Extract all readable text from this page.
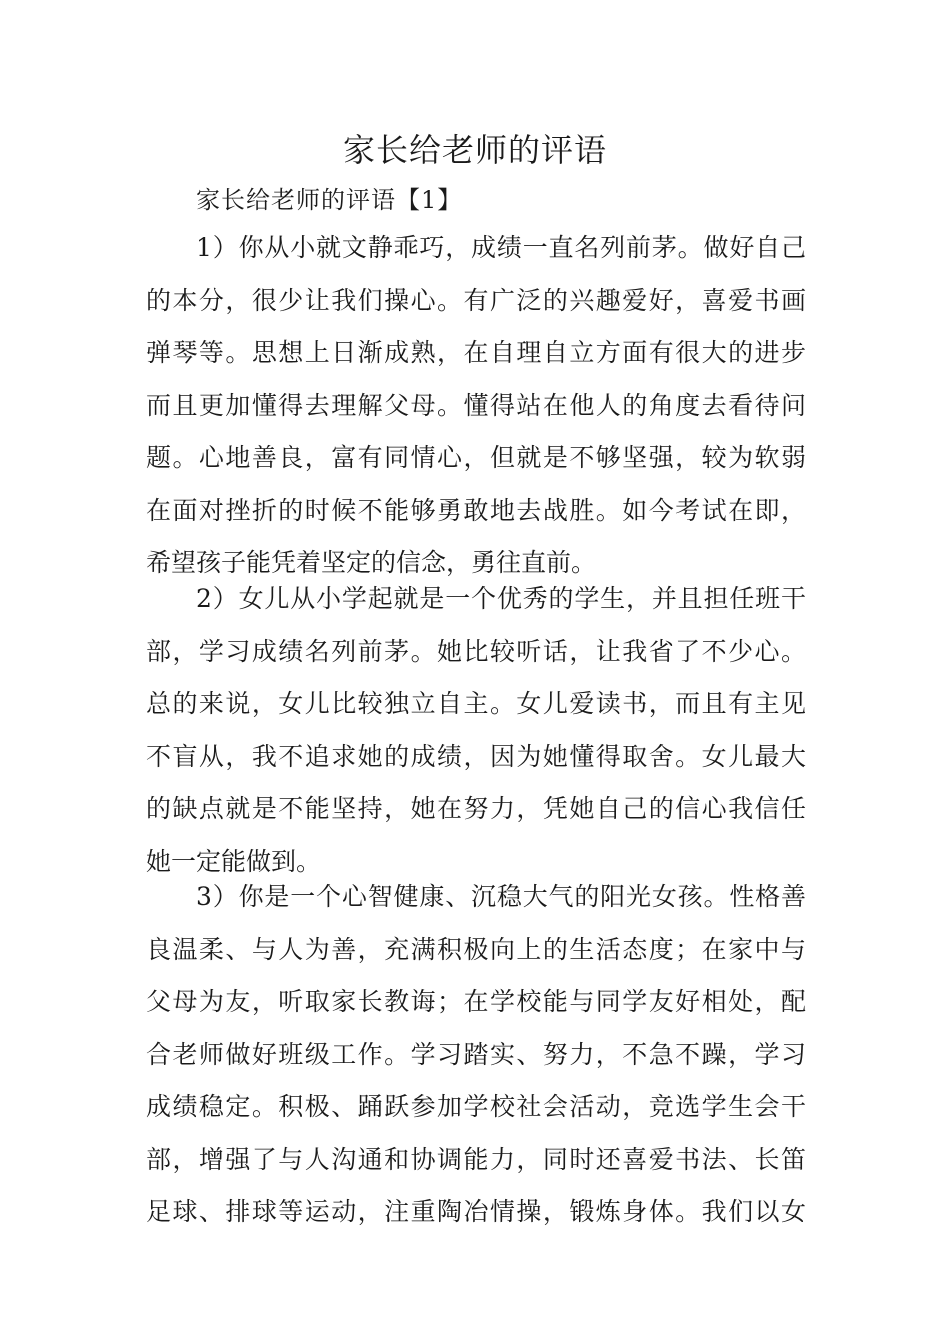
家长给老师的评语
家长给老师的评语【1】
1）你从小就文静乖巧，成绩一直名列前茅。做好自己
的本分，很少让我们操心。有广泛的兴趣爱好，喜爱书画
弹琴等。思想上日渐成熟，在自理自立方面有很大的进步
而且更加懂得去理解父母。懂得站在他人的角度去看待问
题。心地善良，富有同情心，但就是不够坚强，较为软弱
在面对挫折的时候不能够勇敢地去战胜。如今考试在即，
希望孩子能凭着坚定的信念，勇往直前。
2）女儿从小学起就是一个优秀的学生，并且担任班干
部，学习成绩名列前茅。她比较听话，让我省了不少心。
总的来说，女儿比较独立自主。女儿爱读书，而且有主见
不盲从，我不追求她的成绩，因为她懂得取舍。女儿最大
的缺点就是不能坚持，她在努力，凭她自己的信心我信任
她一定能做到。
3）你是一个心智健康、沉稳大气的阳光女孩。性格善
良温柔、与人为善，充满积极向上的生活态度；在家中与
父母为友，听取家长教诲；在学校能与同学友好相处，配
合老师做好班级工作。学习踏实、努力，不急不躁，学习
成绩稳定。积极、踊跃参加学校社会活动，竞选学生会干
部，增强了与人沟通和协调能力，同时还喜爱书法、长笛
足球、排球等运动，注重陶冶情操，锻炼身体。我们以女
